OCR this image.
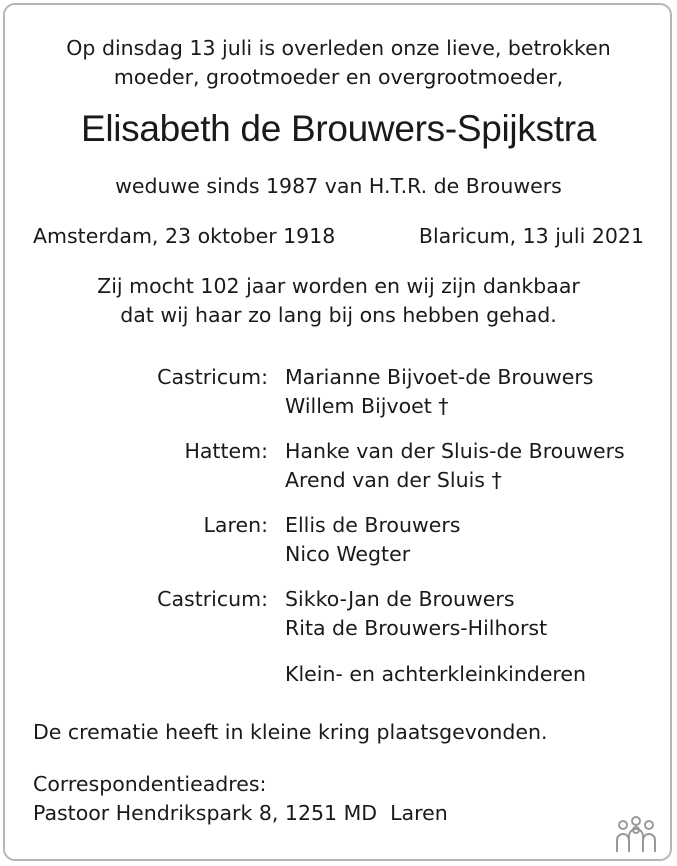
Op dinsdag 13 juli is overleden onze lieve, betrokken
moeder, grootmoeder en overgrootmoeder,
Elisabeth de Brouwers-Spijkstra
weduwe sinds 1987 van H.T.R. de Brouwers
Amsterdam, 23 oktober 1918	Blaricum, 13 juli 2021
Zij mocht 102 jaar worden en wij zijn dankbaar
dat wij haar zo lang bij ons hebben gehad.
Castricum: Marianne Bijvoet-de Brouwers
Willem Bijvoet †
Hattem: Hanke van der Sluis-de Brouwers
Arend van der Sluis †
Laren: Ellis de Brouwers
Nico Wegter
Castricum: Sikko-Jan de Brouwers
Rita de Brouwers-Hilhorst
Klein- en achterkleinkinderen
De crematie heeft in kleine kring plaatsgevonden.
Correspondentieadres:
Pastoor Hendrikspark 8, 1251 MD  Laren
